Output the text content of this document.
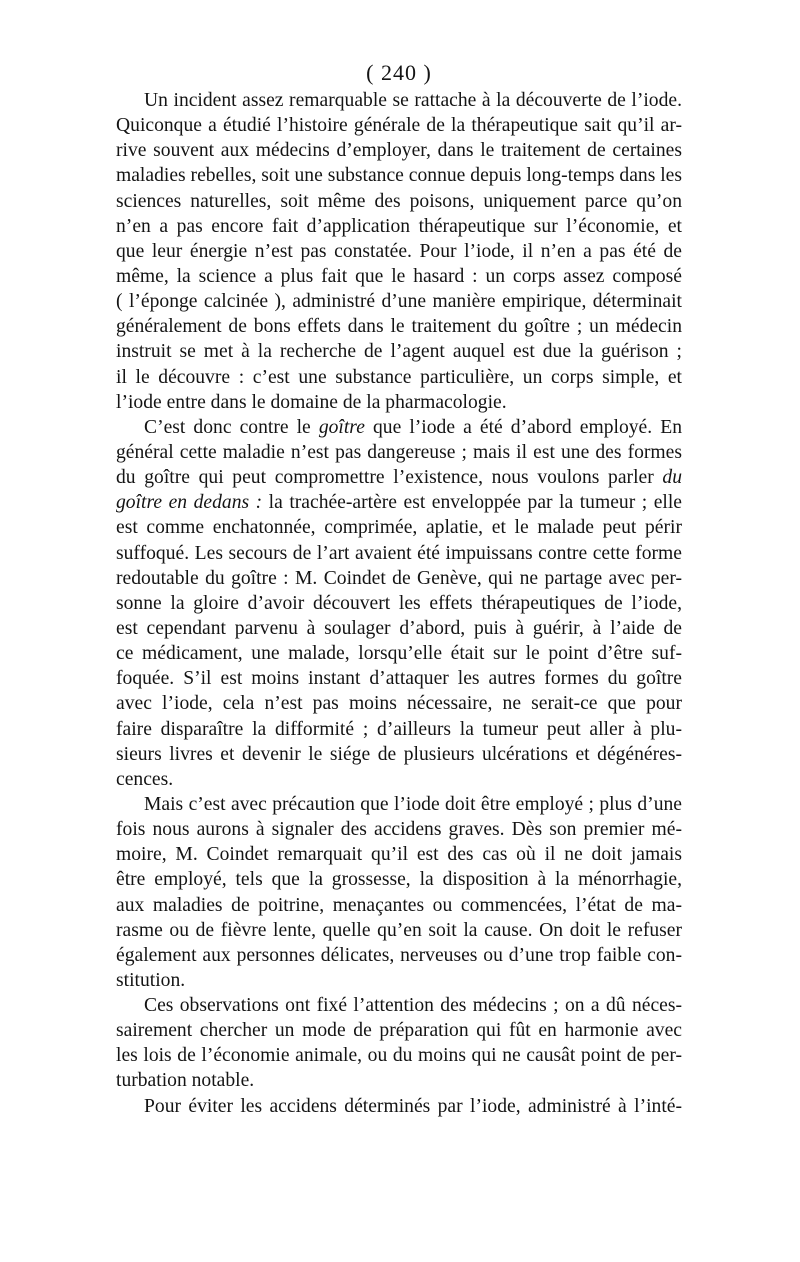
( 240 )
Un incident assez remarquable se rattache à la découverte de l’iode.
Quiconque a étudié l’histoire générale de la thérapeutique sait qu’il ar-
rive souvent aux médecins d’employer, dans le traitement de certaines
maladies rebelles, soit une substance connue depuis long-temps dans les
sciences naturelles, soit même des poisons, uniquement parce qu’on
n’en a pas encore fait d’application thérapeutique sur l’économie, et
que leur énergie n’est pas constatée. Pour l’iode, il n’en a pas été de
même, la science a plus fait que le hasard : un corps assez composé
( l’éponge calcinée ), administré d’une manière empirique, déterminait
généralement de bons effets dans le traitement du goître ; un médecin
instruit se met à la recherche de l’agent auquel est due la guérison ;
il le découvre : c’est une substance particulière, un corps simple, et
l’iode entre dans le domaine de la pharmacologie.
C’est donc contre le goître que l’iode a été d’abord employé. En
général cette maladie n’est pas dangereuse ; mais il est une des formes
du goître qui peut compromettre l’existence, nous voulons parler du
goître en dedans : la trachée-artère est enveloppée par la tumeur ; elle
est comme enchatonnée, comprimée, aplatie, et le malade peut périr
suffoqué. Les secours de l’art avaient été impuissans contre cette forme
redoutable du goître : M. Coindet de Genève, qui ne partage avec per-
sonne la gloire d’avoir découvert les effets thérapeutiques de l’iode,
est cependant parvenu à soulager d’abord, puis à guérir, à l’aide de
ce médicament, une malade, lorsqu’elle était sur le point d’être suf-
foquée. S’il est moins instant d’attaquer les autres formes du goître
avec l’iode, cela n’est pas moins nécessaire, ne serait-ce que pour
faire disparaître la difformité ; d’ailleurs la tumeur peut aller à plu-
sieurs livres et devenir le siége de plusieurs ulcérations et dégénéres-
cences.
Mais c’est avec précaution que l’iode doit être employé ; plus d’une
fois nous aurons à signaler des accidens graves. Dès son premier mé-
moire, M. Coindet remarquait qu’il est des cas où il ne doit jamais
être employé, tels que la grossesse, la disposition à la ménorrhagie,
aux maladies de poitrine, menaçantes ou commencées, l’état de ma-
rasme ou de fièvre lente, quelle qu’en soit la cause. On doit le refuser
également aux personnes délicates, nerveuses ou d’une trop faible con-
stitution.
Ces observations ont fixé l’attention des médecins ; on a dû néces-
sairement chercher un mode de préparation qui fût en harmonie avec
les lois de l’économie animale, ou du moins qui ne causât point de per-
turbation notable.
Pour éviter les accidens déterminés par l’iode, administré à l’inté-
